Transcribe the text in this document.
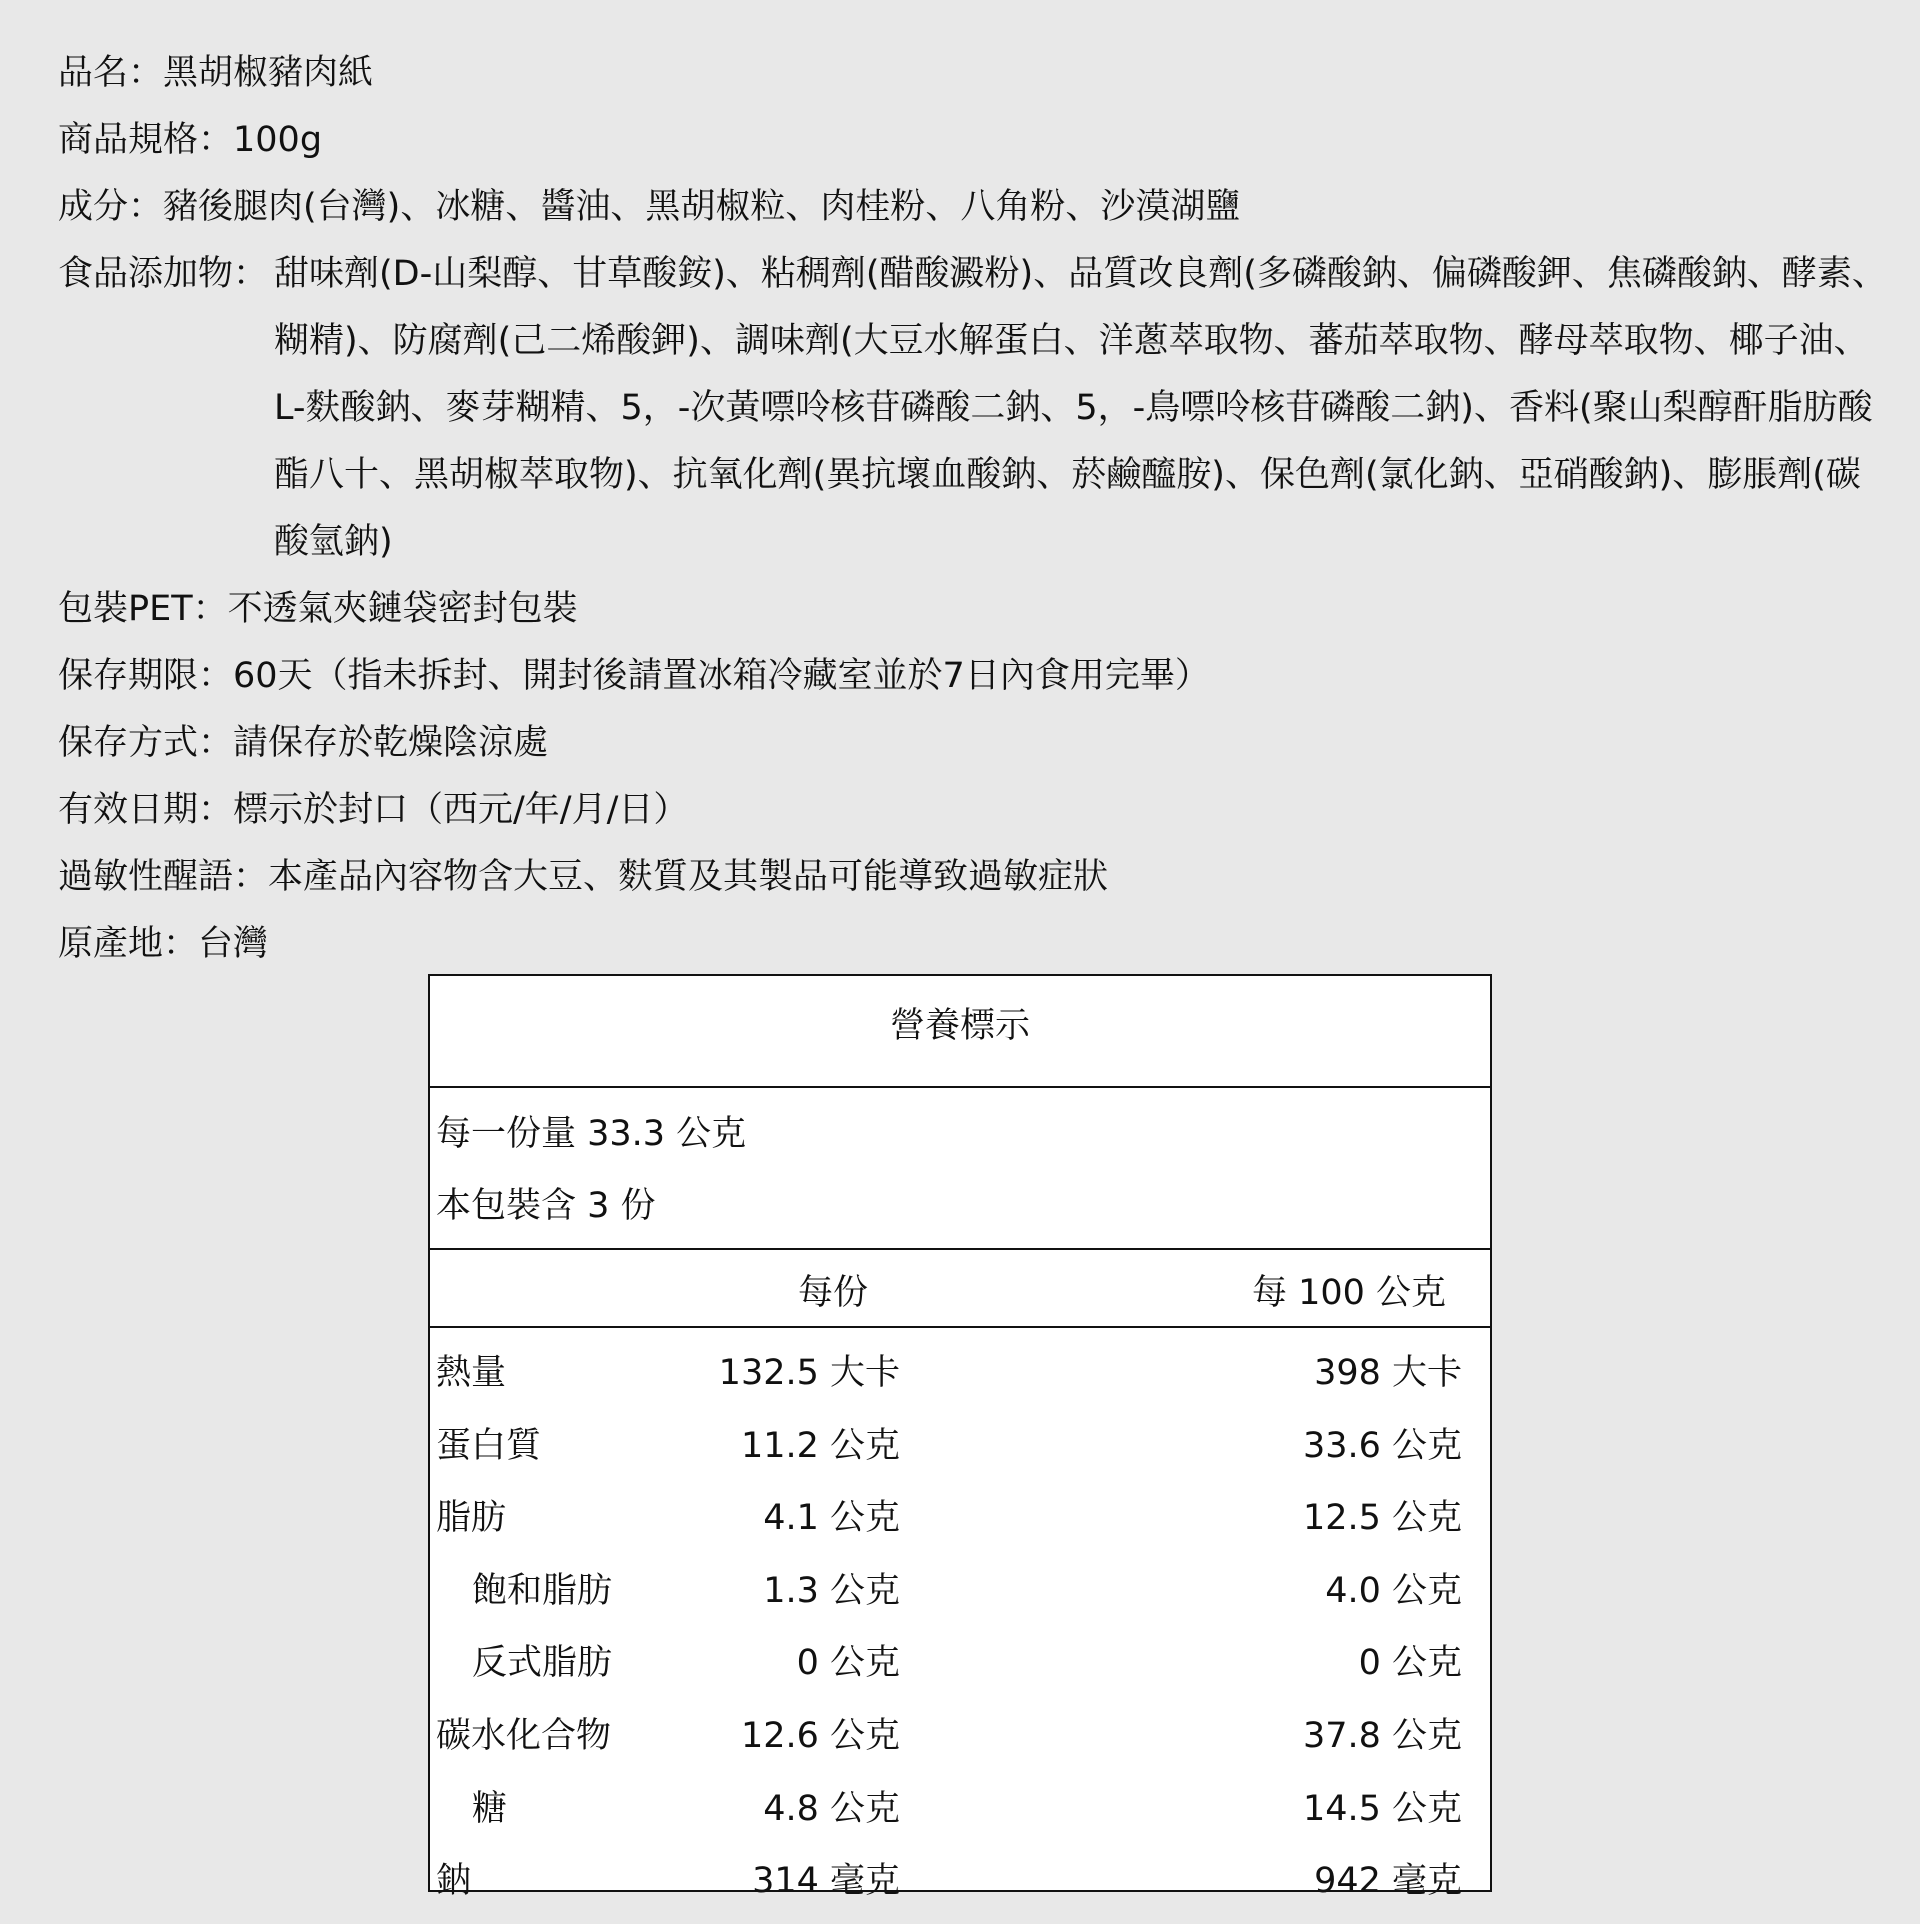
品名： 黑胡椒豬肉紙
商品規格： 100g
成分： 豬後腿肉(台灣)、冰糖、醬油、黑胡椒粒、肉桂粉、八角粉、沙漠湖鹽
食品添加物： 甜味劑(D-山梨醇、甘草酸銨)、粘稠劑(醋酸澱粉)、品質改良劑(多磷酸鈉、偏磷酸鉀、焦磷酸鈉、酵素、糊精)、防腐劑(己二烯酸鉀)、調味劑(大豆水解蛋白、洋蔥萃取物、蕃茄萃取物、酵母萃取物、椰子油、L-麩酸鈉、麥芽糊精、5，-次黃嘌呤核苷磷酸二鈉、5，-鳥嘌呤核苷磷酸二鈉)、香料(聚山梨醇酐脂肪酸酯八十、黑胡椒萃取物)、抗氧化劑(異抗壞血酸鈉、菸鹼醯胺)、保色劑(氯化鈉、亞硝酸鈉)、膨脹劑(碳酸氫鈉)
包裝PET： 不透氣夾鏈袋密封包裝
保存期限： 60天（指未拆封、開封後請置冰箱冷藏室並於7日內食用完畢）
保存方式： 請保存於乾燥陰涼處
有效日期： 標示於封口（西元/年/月/日）
過敏性醒語： 本產品內容物含大豆、麩質及其製品可能導致過敏症狀
原產地： 台灣
營養標示
每一份量 33.3 公克
本包裝含 3 份
每份	每 100 公克
熱量	132.5 大卡	398 大卡
蛋白質	11.2 公克	33.6 公克
脂肪	4.1 公克	12.5 公克
飽和脂肪	1.3 公克	4.0 公克
反式脂肪	0 公克	0 公克
碳水化合物	12.6 公克	37.8 公克
糖	4.8 公克	14.5 公克
鈉	314 毫克	942 毫克
